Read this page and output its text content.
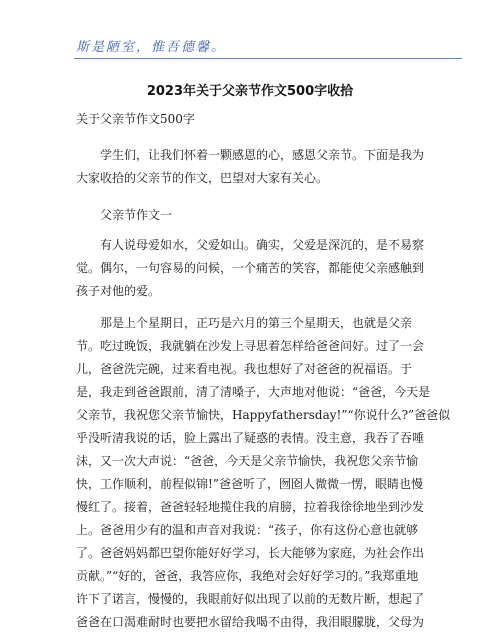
斯是陋室，惟吾德馨。
2023年关于父亲节作文500字收拾
关于父亲节作文500字
学生们，让我们怀着一颗感恩的心，感恩父亲节。下面是我为
大家收拾的父亲节的作文，巴望对大家有关心。
父亲节作文一
有人说母爱如水，父爱如山。确实，父爱是深沉的，是不易察
觉。偶尔，一句容易的问候，一个痛苦的笑容，都能使父亲感触到
孩子对他的爱。
那是上个星期日，正巧是六月的第三个星期天，也就是父亲
节。吃过晚饭，我就躺在沙发上寻思着怎样给爸爸问好。过了一会
儿，爸爸洗完碗，过来看电视。我也想好了对爸爸的祝福语。于
是，我走到爸爸跟前，清了清嗓子，大声地对他说：“爸爸，今天是
父亲节，我祝您父亲节愉快，Happyfathersday!”“你说什么?”爸爸似
乎没听清我说的话，脸上露出了疑惑的表情。没主意，我吞了吞唾
沫，又一次大声说：“爸爸，今天是父亲节愉快，我祝您父亲节愉
快，工作顺利，前程似锦!”爸爸听了，囫囵人微微一愣，眼睛也慢
慢红了。接着，爸爸轻轻地揽住我的肩膀，拉着我徐徐地坐到沙发
上。爸爸用少有的温和声音对我说：“孩子，你有这份心意也就够
了。爸爸妈妈都巴望你能好好学习，长大能够为家庭，为社会作出
贡献。”“好的，爸爸，我答应你，我绝对会好好学习的。”我郑重地
许下了诺言，慢慢的，我眼前好似出现了以前的无数片断，想起了
爸爸在口渴难耐时也要把水留给我喝不由得，我泪眼朦胧，父母为
